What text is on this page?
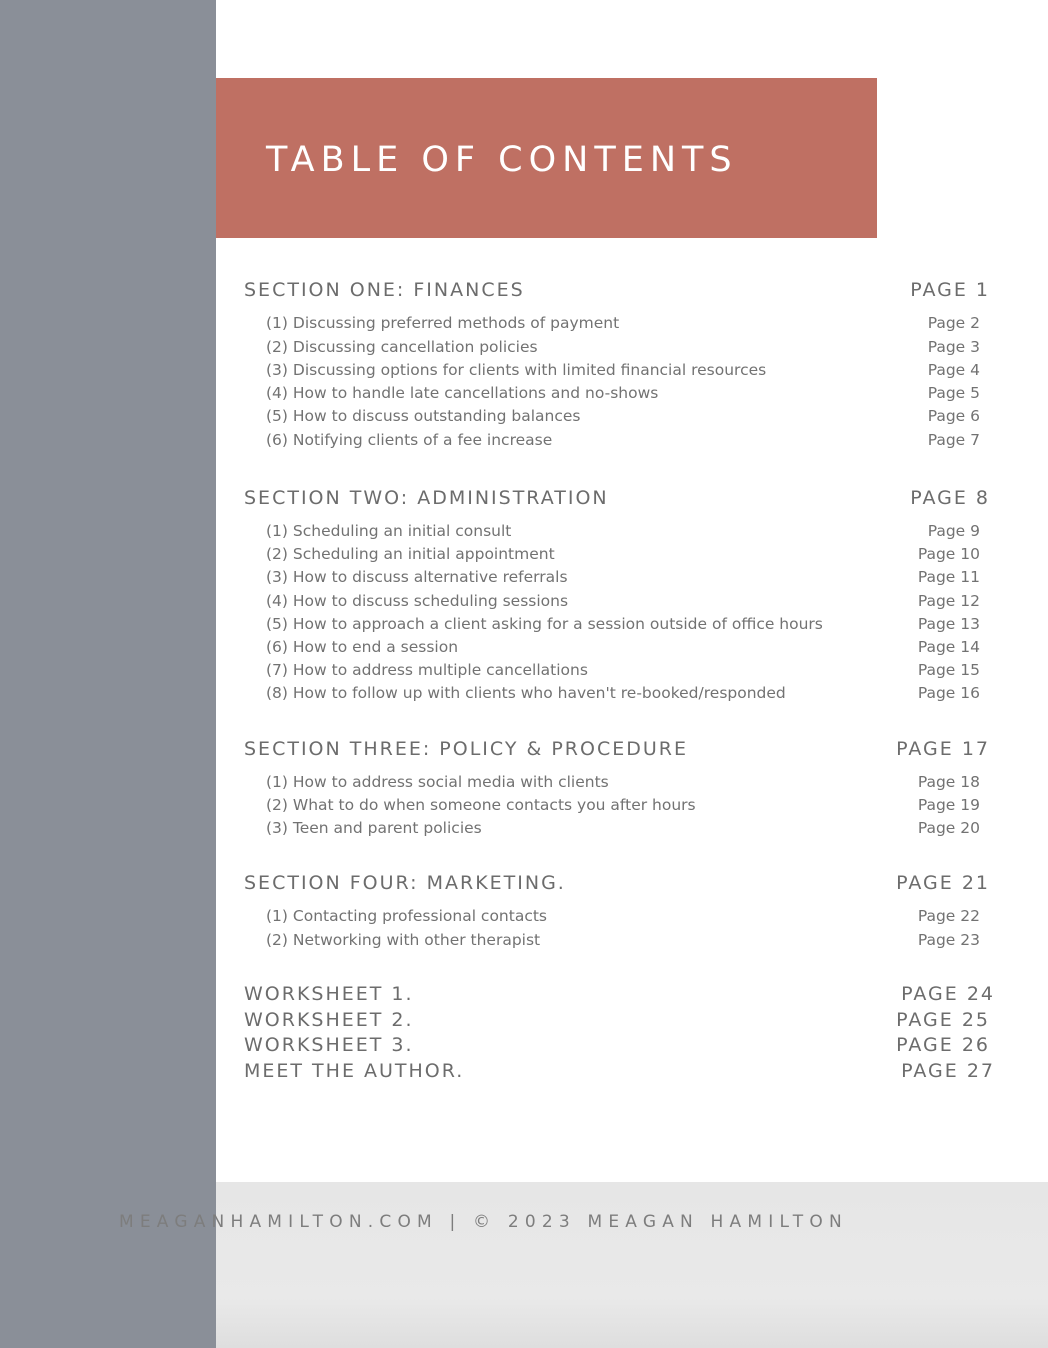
TABLE OF CONTENTS
SECTION ONE: FINANCES	PAGE 1
(1) Discussing preferred methods of payment	Page 2
(2) Discussing cancellation policies	Page 3
(3) Discussing options for clients with limited financial resources	Page 4
(4) How to handle late cancellations and no-shows	Page 5
(5) How to discuss outstanding balances	Page 6
(6) Notifying clients of a fee increase	Page 7
SECTION TWO: ADMINISTRATION	PAGE 8
(1) Scheduling an initial consult	Page 9
(2) Scheduling an initial appointment	Page 10
(3) How to discuss alternative referrals	Page 11
(4) How to discuss scheduling sessions	Page 12
(5) How to approach a client asking for a session outside of office hours	Page 13
(6) How to end a session	Page 14
(7) How to address multiple cancellations	Page 15
(8) How to follow up with clients who haven't re-booked/responded	Page 16
SECTION THREE: POLICY & PROCEDURE	PAGE 17
(1) How to address social media with clients	Page 18
(2) What to do when someone contacts you after hours	Page 19
(3) Teen and parent policies	Page 20
SECTION FOUR: MARKETING.	PAGE 21
(1) Contacting professional contacts	Page 22
(2) Networking with other therapist	Page 23
WORKSHEET 1.	PAGE 24
WORKSHEET 2.	PAGE 25
WORKSHEET 3.	PAGE 26
MEET THE AUTHOR.	PAGE 27
MEAGANHAMILTON.COM | © 2023 MEAGAN HAMILTON
